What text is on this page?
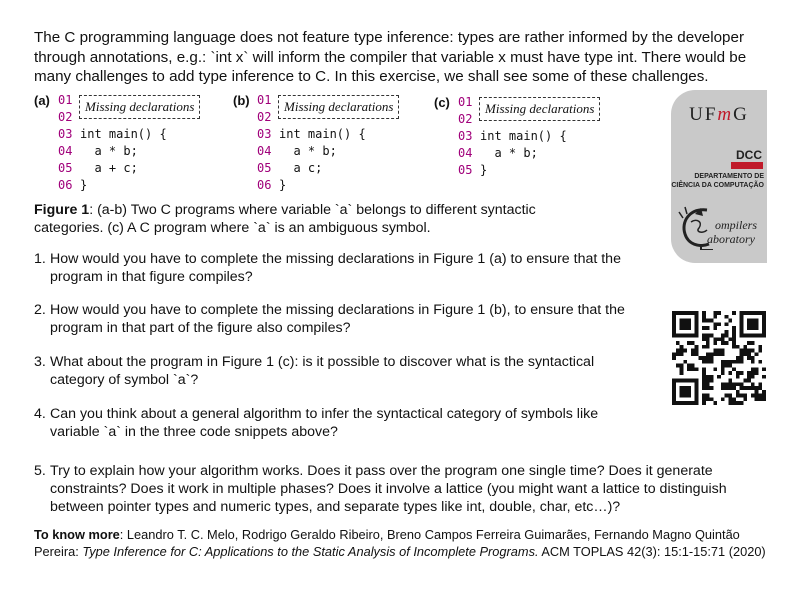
The C programming language does not feature type inference: types are rather informed by the developer through annotations, e.g.: `int x` will inform the compiler that variable x must have type int. There would be many challenges to add type inference to C. In this exercise, we shall see some of these challenges.

(a) 01
02
03 int main() {
04  a * b;
05  a + c;
06 }
Missing declarations	(b) 01
02
03 int main() {
04  a * b;
05  a c;
06 }
Missing declarations	(c) 01
02
03 int main() {
04  a * b;
05 }
Missing declarations

Figure 1: (a-b) Two C programs where variable `a` belongs to different syntactic categories. (c) A C program where `a` is an ambiguous symbol.

1. How would you have to complete the missing declarations in Figure 1 (a) to ensure that the program in that figure compiles?
2. How would you have to complete the missing declarations in Figure 1 (b), to ensure that the program in that part of the figure also compiles?
3. What about the program in Figure 1 (c): is it possible to discover what is the syntactical category of symbol `a`?
4. Can you think about a general algorithm to infer the syntactical category of symbols like variable `a` in the three code snippets above?
5. Try to explain how your algorithm works. Does it pass over the program one single time? Does it generate constraints? Does it work in multiple phases? Does it involve a lattice (you might want a lattice to distinguish between pointer types and numeric types, and separate types like int, double, char, etc…)?

To know more: Leandro T. C. Melo, Rodrigo Geraldo Ribeiro, Breno Campos Ferreira Guimarães, Fernando Magno Quintão Pereira: Type Inference for C: Applications to the Static Analysis of Incomplete Programs. ACM TOPLAS 42(3): 15:1-15:71 (2020)

UFmG
DCC
DEPARTAMENTO DE
CIÊNCIA DA COMPUTAÇÃO
ompilers
aboratory
